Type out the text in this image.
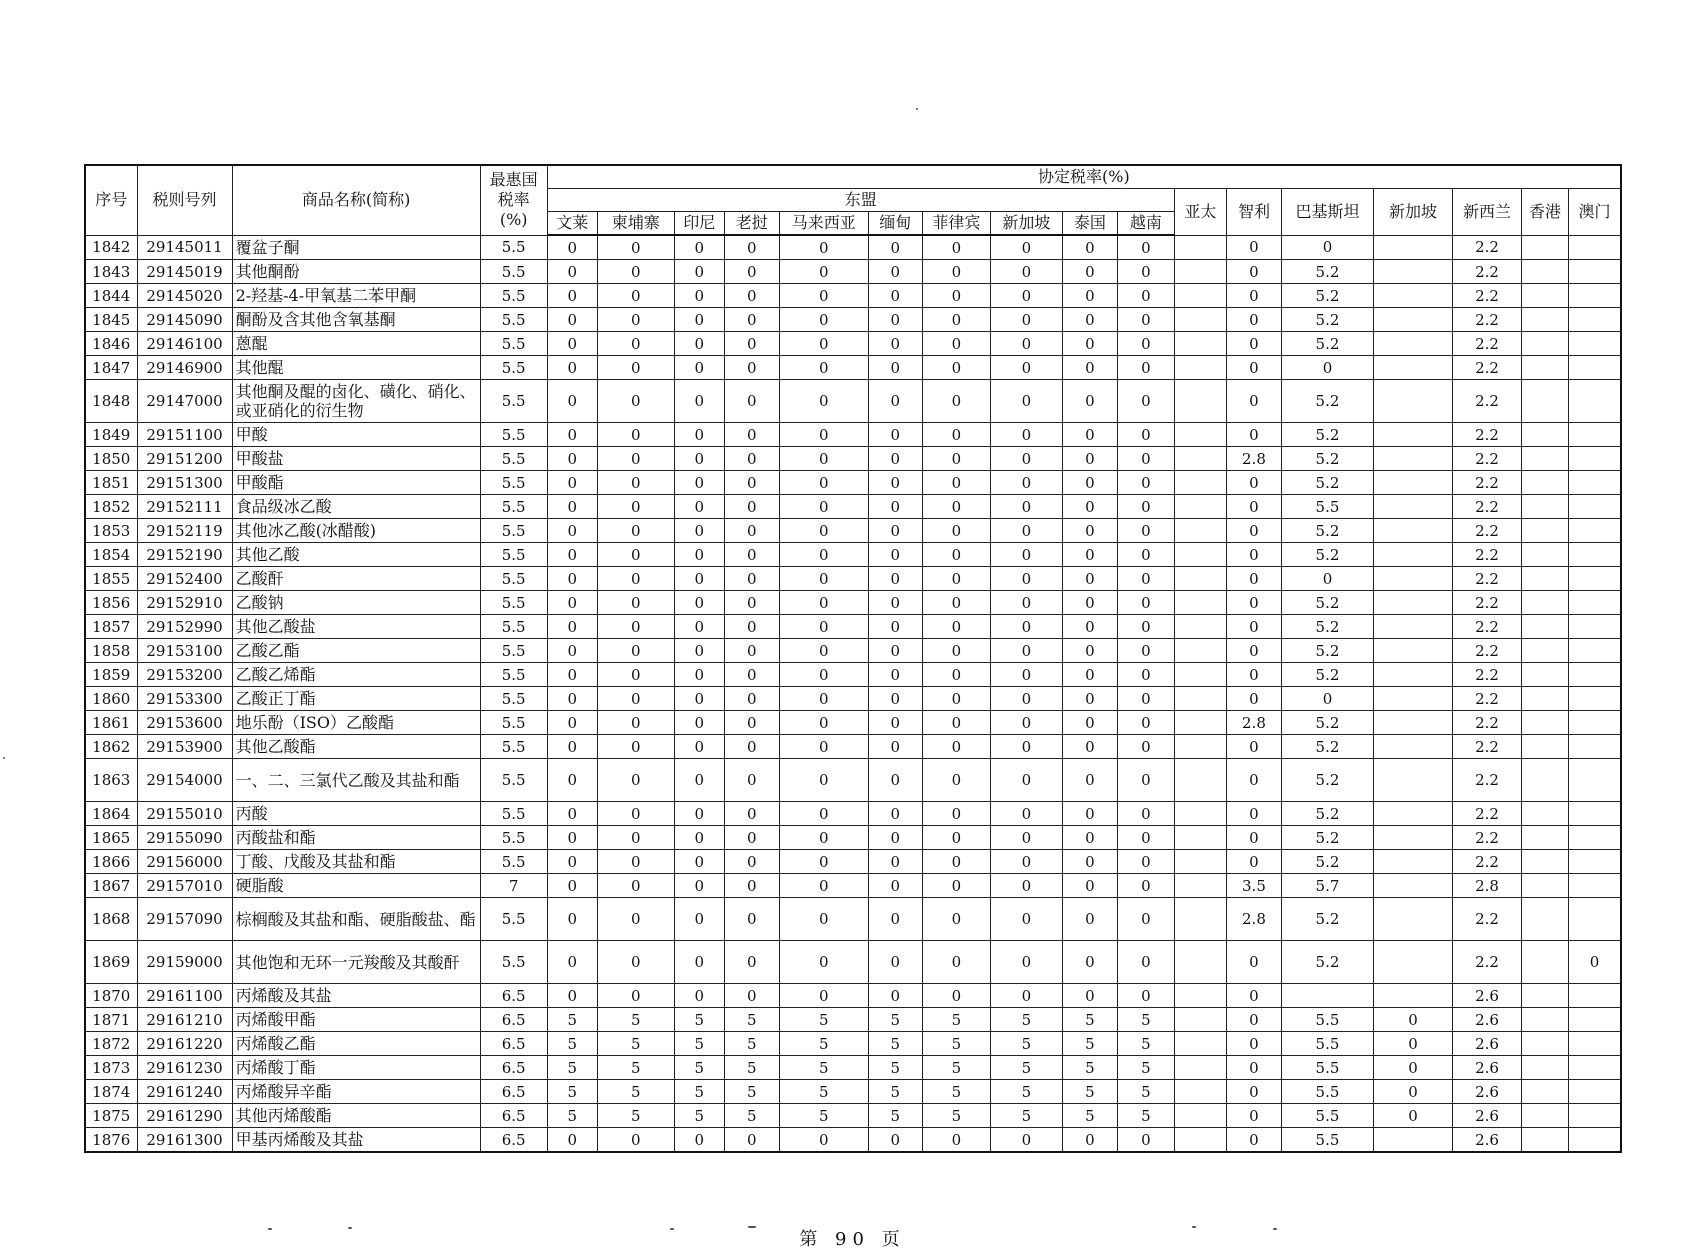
序号	税则号列	商品名称(简称)	最惠国
税率
(%)	协定税率(%)																
				东盟										亚太	智利	巴基斯坦	新加坡	新西兰	香港	澳门
				文莱	柬埔寨	印尼	老挝	马来西亚	缅甸	菲律宾	新加坡	泰国	越南							
1842	29145011	覆盆子酮	5.5	0	0	0	0	0	0	0	0	0	0		0	0		2.2		
1843	29145019	其他酮酚	5.5	0	0	0	0	0	0	0	0	0	0		0	5.2		2.2		
1844	29145020	2-羟基-4-甲氧基二苯甲酮	5.5	0	0	0	0	0	0	0	0	0	0		0	5.2		2.2		
1845	29145090	酮酚及含其他含氧基酮	5.5	0	0	0	0	0	0	0	0	0	0		0	5.2		2.2		
1846	29146100	蒽醌	5.5	0	0	0	0	0	0	0	0	0	0		0	5.2		2.2		
1847	29146900	其他醌	5.5	0	0	0	0	0	0	0	0	0	0		0	0		2.2		
1848	29147000	其他酮及醌的卤化、磺化、硝化、或亚硝化的衍生物	5.5	0	0	0	0	0	0	0	0	0	0		0	5.2		2.2		
1849	29151100	甲酸	5.5	0	0	0	0	0	0	0	0	0	0		0	5.2		2.2		
1850	29151200	甲酸盐	5.5	0	0	0	0	0	0	0	0	0	0		2.8	5.2		2.2		
1851	29151300	甲酸酯	5.5	0	0	0	0	0	0	0	0	0	0		0	5.2		2.2		
1852	29152111	食品级冰乙酸	5.5	0	0	0	0	0	0	0	0	0	0		0	5.5		2.2		
1853	29152119	其他冰乙酸(冰醋酸)	5.5	0	0	0	0	0	0	0	0	0	0		0	5.2		2.2		
1854	29152190	其他乙酸	5.5	0	0	0	0	0	0	0	0	0	0		0	5.2		2.2		
1855	29152400	乙酸酐	5.5	0	0	0	0	0	0	0	0	0	0		0	0		2.2		
1856	29152910	乙酸钠	5.5	0	0	0	0	0	0	0	0	0	0		0	5.2		2.2		
1857	29152990	其他乙酸盐	5.5	0	0	0	0	0	0	0	0	0	0		0	5.2		2.2		
1858	29153100	乙酸乙酯	5.5	0	0	0	0	0	0	0	0	0	0		0	5.2		2.2		
1859	29153200	乙酸乙烯酯	5.5	0	0	0	0	0	0	0	0	0	0		0	5.2		2.2		
1860	29153300	乙酸正丁酯	5.5	0	0	0	0	0	0	0	0	0	0		0	0		2.2		
1861	29153600	地乐酚（ISO）乙酸酯	5.5	0	0	0	0	0	0	0	0	0	0		2.8	5.2		2.2		
1862	29153900	其他乙酸酯	5.5	0	0	0	0	0	0	0	0	0	0		0	5.2		2.2		
1863	29154000	一、二、三氯代乙酸及其盐和酯	5.5	0	0	0	0	0	0	0	0	0	0		0	5.2		2.2		
1864	29155010	丙酸	5.5	0	0	0	0	0	0	0	0	0	0		0	5.2		2.2		
1865	29155090	丙酸盐和酯	5.5	0	0	0	0	0	0	0	0	0	0		0	5.2		2.2		
1866	29156000	丁酸、戊酸及其盐和酯	5.5	0	0	0	0	0	0	0	0	0	0		0	5.2		2.2		
1867	29157010	硬脂酸	7	0	0	0	0	0	0	0	0	0	0		3.5	5.7		2.8		
1868	29157090	棕榈酸及其盐和酯、硬脂酸盐、酯	5.5	0	0	0	0	0	0	0	0	0	0		2.8	5.2		2.2		
1869	29159000	其他饱和无环一元羧酸及其酸酐	5.5	0	0	0	0	0	0	0	0	0	0		0	5.2		2.2		0
1870	29161100	丙烯酸及其盐	6.5	0	0	0	0	0	0	0	0	0	0		0			2.6		
1871	29161210	丙烯酸甲酯	6.5	5	5	5	5	5	5	5	5	5	5		0	5.5	0	2.6		
1872	29161220	丙烯酸乙酯	6.5	5	5	5	5	5	5	5	5	5	5		0	5.5	0	2.6		
1873	29161230	丙烯酸丁酯	6.5	5	5	5	5	5	5	5	5	5	5		0	5.5	0	2.6		
1874	29161240	丙烯酸异辛酯	6.5	5	5	5	5	5	5	5	5	5	5		0	5.5	0	2.6		
1875	29161290	其他丙烯酸酯	6.5	5	5	5	5	5	5	5	5	5	5		0	5.5	0	2.6		
1876	29161300	甲基丙烯酸及其盐	6.5	0	0	0	0	0	0	0	0	0	0		0	5.5		2.6		
第 90 页
